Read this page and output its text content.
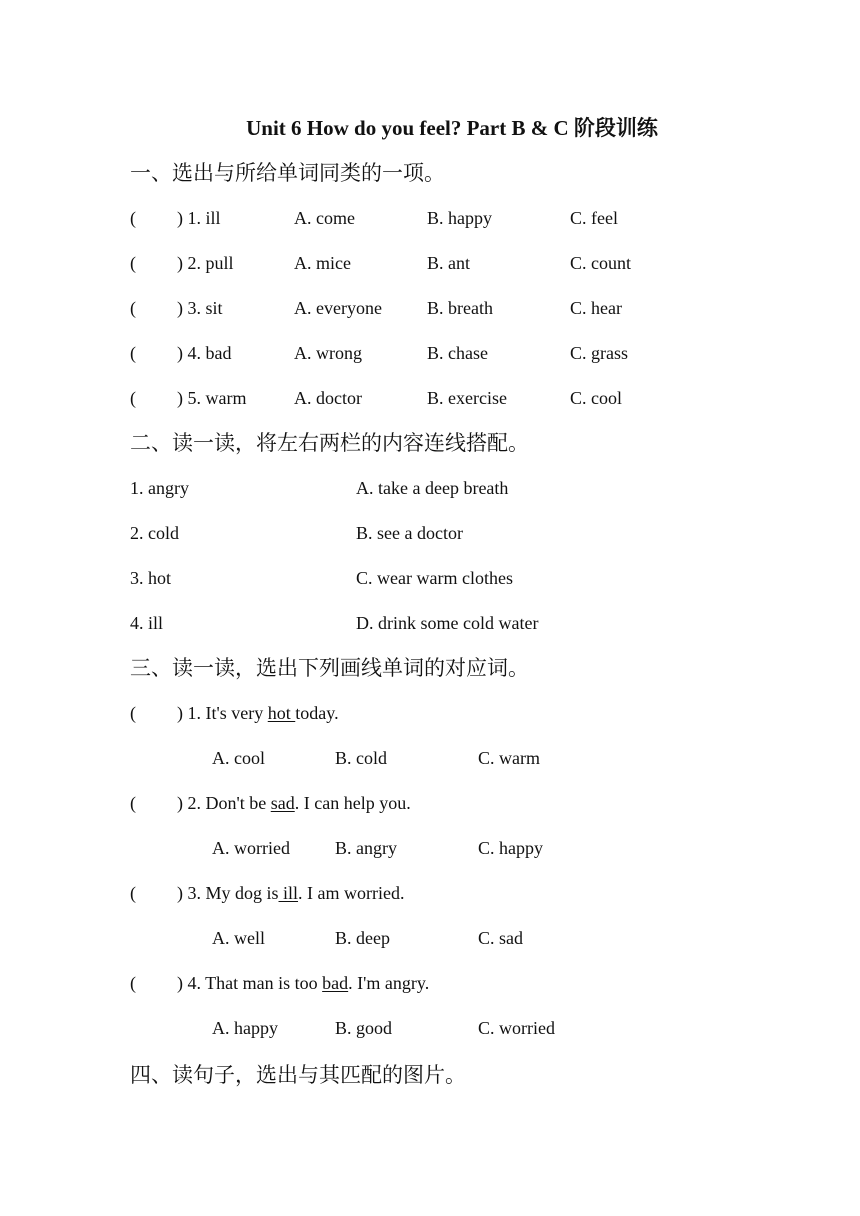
Unit 6 How do you feel? Part B & C 阶段训练
一、选出与所给单词同类的一项。
( ) 1. ill	A. come	B. happy	C. feel
( ) 2. pull	A. mice	B. ant	C. count
( ) 3. sit	A. everyone	B. breath	C. hear
( ) 4. bad	A. wrong	B. chase	C. grass
( ) 5. warm	A. doctor	B. exercise	C. cool
二、读一读，将左右两栏的内容连线搭配。
1. angry	A. take a deep breath
2. cold	B. see a doctor
3. hot	C. wear warm clothes
4. ill	D. drink some cold water
三、读一读，选出下列画线单词的对应词。
( ) 1. It's very hot today.
A. cool	B. cold	C. warm
( ) 2. Don't be sad. I can help you.
A. worried	B. angry	C. happy
( ) 3. My dog is ill. I am worried.
A. well	B. deep	C. sad
( ) 4. That man is too bad. I'm angry.
A. happy	B. good	C. worried
四、读句子，选出与其匹配的图片。
